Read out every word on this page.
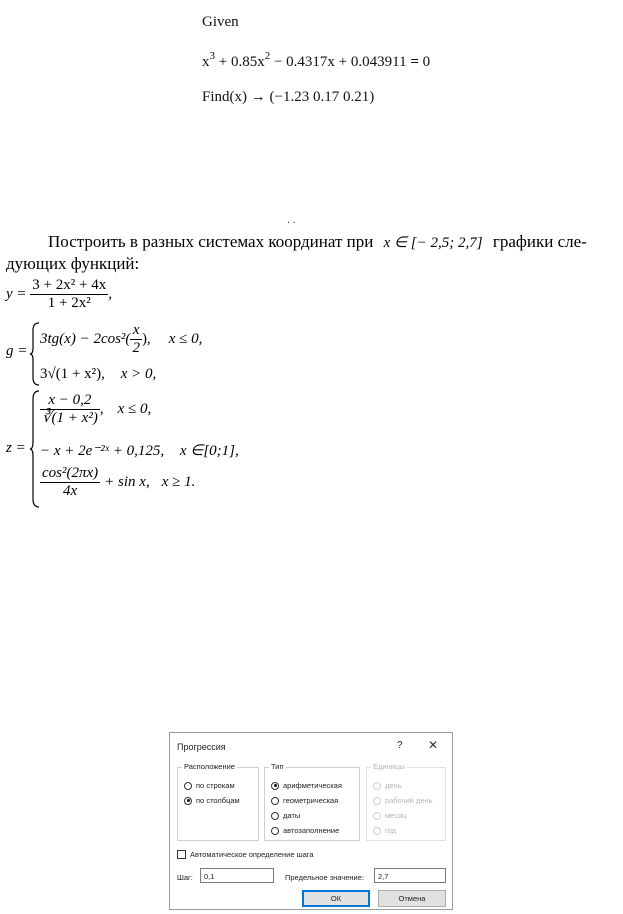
Given
$x^3 + 0.85x^2 - 0.4317x + 0.043911 = 0$
Find(x) → (−1.23 0.17 0.21)
..
Построить в разных системах координат при x ∈ [− 2,5; 2,7] графики сле-
дующих функций:
$y = \frac{\text{3 + 2x² + 4x}}{\text{1 + 2x²}}$ ,
g =
$3tg(x) - 2\cos^2( \frac{x}{2}$ ), x ≤ 0,
3√(1 + x²), x > 0,
z =
$\frac{x - 0,2}{\text{∛(1 + x²)}}$ , x ≤ 0,
− x + 2e⁻²ˣ + 0,125, x ∈[0;1],
$\frac{\text{cos²(2πx)}}{4x} + \sin x$, x ≥ 1.
Прогрессия	? ✕
Расположение
по строкам
по столбцам
Тип
арифметическая
геометрическая
даты
автозаполнение
Единицы
день
рабочий день
месяц
год
Автоматическое определение шага
Шаг:	0,1	Предельное значение:	2,7
ОК	Отмена
